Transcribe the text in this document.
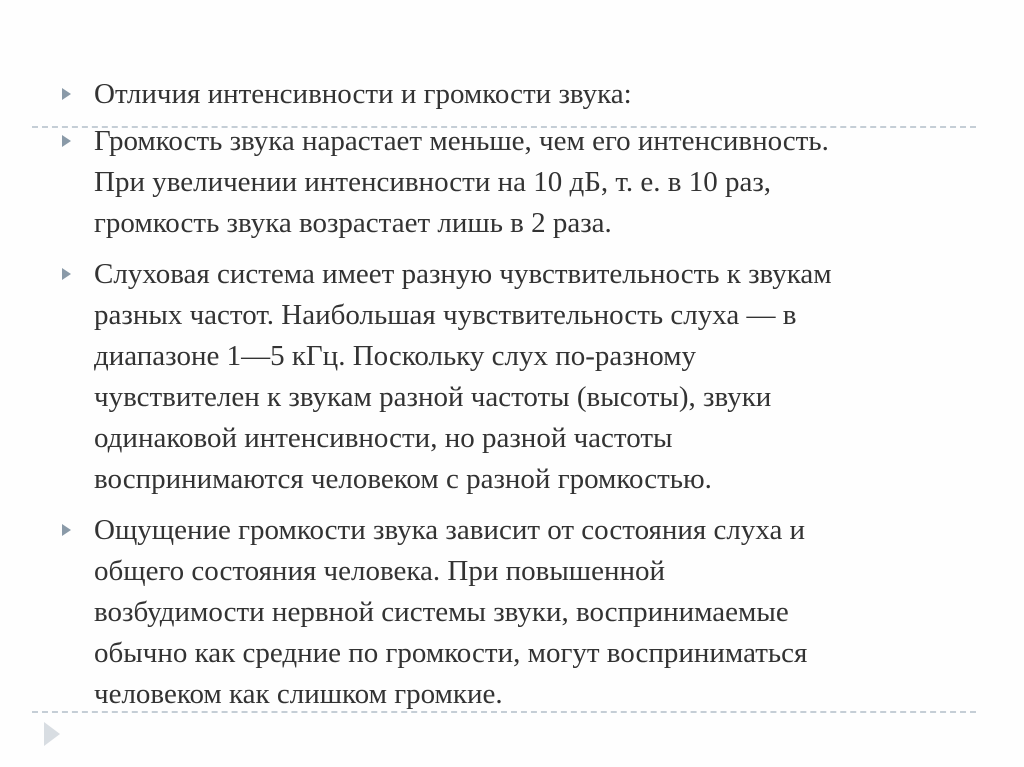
Отличия интенсивности и громкости звука:
Громкость звука нарастает меньше, чем его интенсивность.
При увеличении интенсивности на 10 дБ, т. е. в 10 раз,
громкость звука возрастает лишь в 2 раза.
Слуховая система имеет разную чувствительность к звукам
разных частот. Наибольшая чувствительность слуха — в
диапазоне 1—5 кГц. Поскольку слух по-разному
чувствителен к звукам разной частоты (высоты), звуки
одинаковой интенсивности, но разной частоты
воспринимаются человеком с разной громкостью.
Ощущение громкости звука зависит от состояния слуха и
общего состояния человека. При повышенной
возбудимости нервной системы звуки, воспринимаемые
обычно как средние по громкости, могут восприниматься
человеком как слишком громкие.
